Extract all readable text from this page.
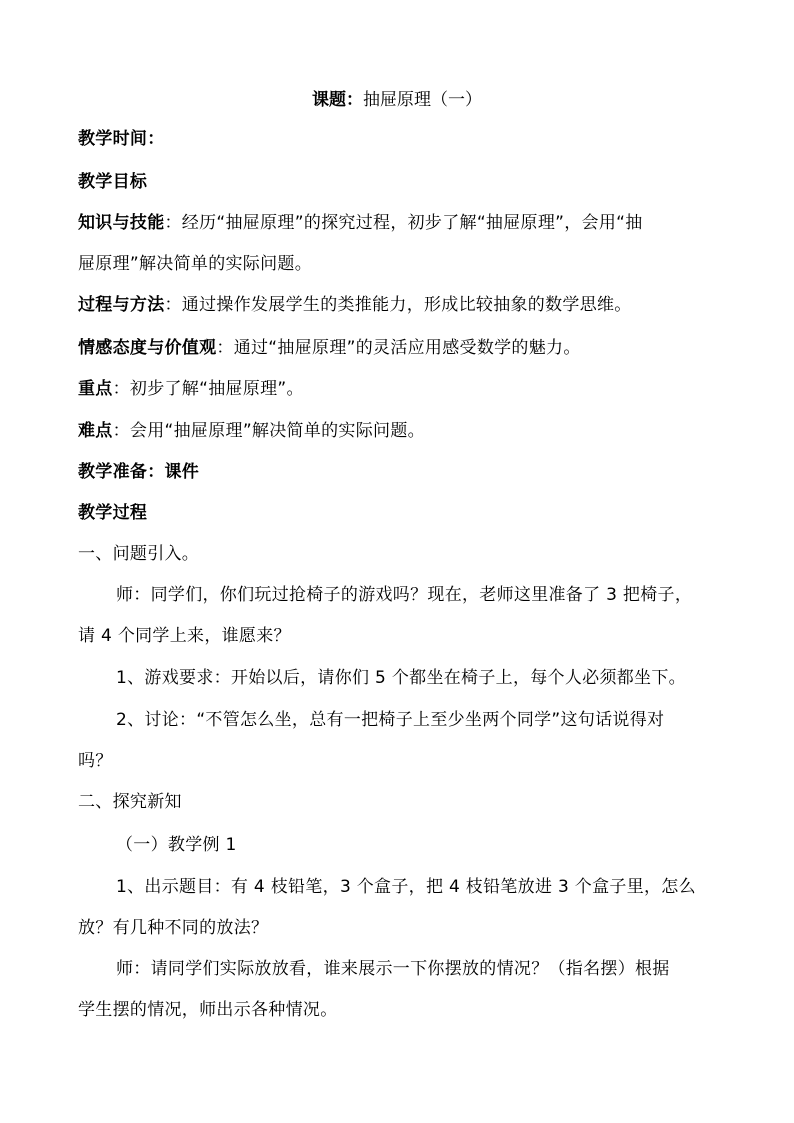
课题：抽屉原理（一）
教学时间：
教学目标
知识与技能：经历“抽屉原理”的探究过程，初步了解“抽屉原理”，会用“抽
屉原理”解决简单的实际问题。
过程与方法：通过操作发展学生的类推能力，形成比较抽象的数学思维。
情感态度与价值观：通过“抽屉原理”的灵活应用感受数学的魅力。
重点：初步了解“抽屉原理”。
难点：会用“抽屉原理”解决简单的实际问题。
教学准备：课件
教学过程
一、问题引入。
师：同学们，你们玩过抢椅子的游戏吗？现在，老师这里准备了 3 把椅子，
请 4 个同学上来，谁愿来？
1、游戏要求：开始以后，请你们 5 个都坐在椅子上，每个人必须都坐下。
2、讨论：“不管怎么坐，总有一把椅子上至少坐两个同学”这句话说得对
吗？
二、探究新知
（一）教学例 1
1、出示题目：有 4 枝铅笔，3 个盒子，把 4 枝铅笔放进 3 个盒子里，怎么
放？有几种不同的放法？
师：请同学们实际放放看，谁来展示一下你摆放的情况？（指名摆）根据
学生摆的情况，师出示各种情况。
